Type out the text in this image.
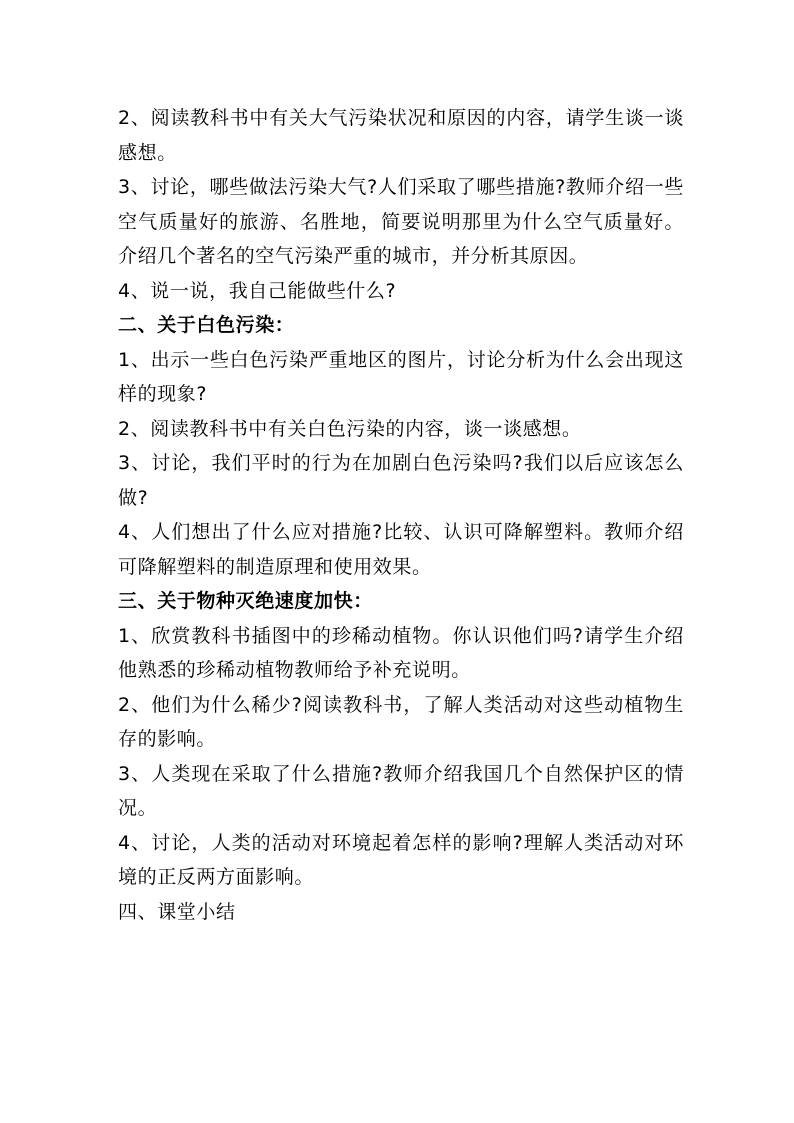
2、阅读教科书中有关大气污染状况和原因的内容，请学生谈一谈感想。

3、讨论，哪些做法污染大气?人们采取了哪些措施?教师介绍一些空气质量好的旅游、名胜地，简要说明那里为什么空气质量好。介绍几个著名的空气污染严重的城市，并分析其原因。

4、说一说，我自己能做些什么?

二、关于白色污染：

1、出示一些白色污染严重地区的图片，讨论分析为什么会出现这样的现象?

2、阅读教科书中有关白色污染的内容，谈一谈感想。

3、讨论，我们平时的行为在加剧白色污染吗?我们以后应该怎么做?

4、人们想出了什么应对措施?比较、认识可降解塑料。教师介绍可降解塑料的制造原理和使用效果。

三、关于物种灭绝速度加快：

1、欣赏教科书插图中的珍稀动植物。你认识他们吗?请学生介绍他熟悉的珍稀动植物教师给予补充说明。

2、他们为什么稀少?阅读教科书，了解人类活动对这些动植物生存的影响。

3、人类现在采取了什么措施?教师介绍我国几个自然保护区的情况。

4、讨论，人类的活动对环境起着怎样的影响?理解人类活动对环境的正反两方面影响。

四、课堂小结
